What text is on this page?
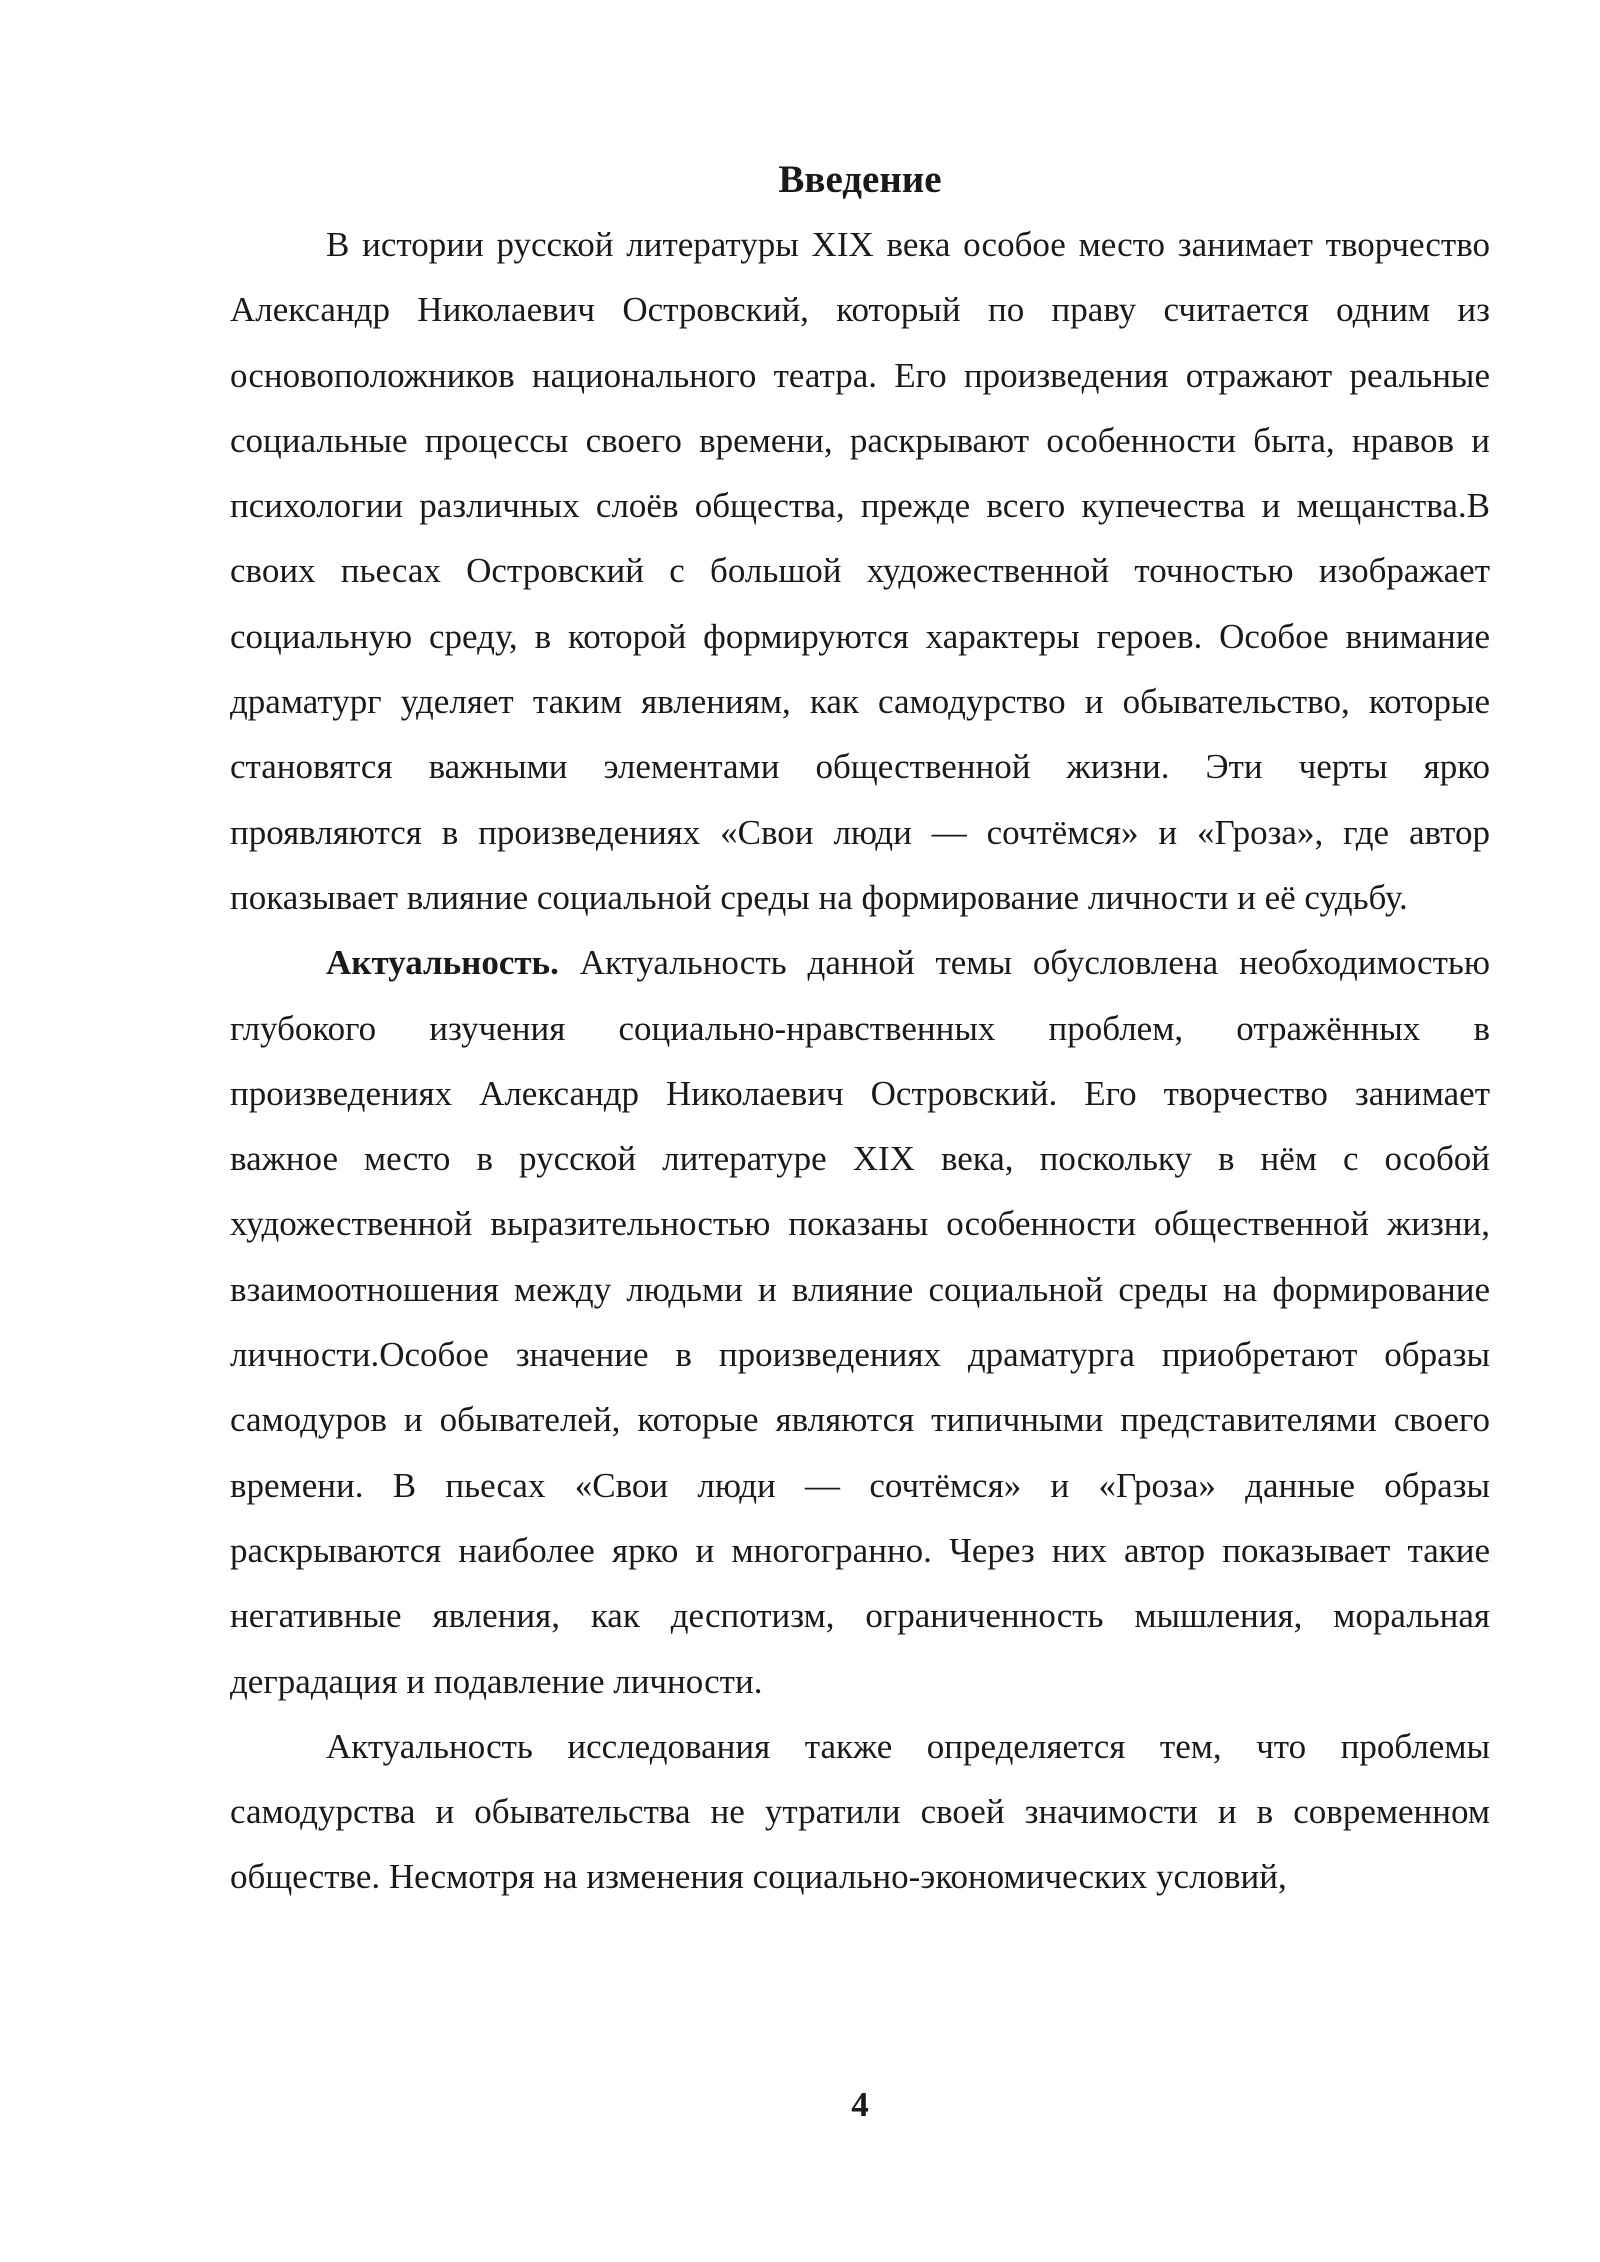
Введение

В истории русской литературы XIX века особое место занимает творчество Александр Николаевич Островский, который по праву считается одним из основоположников национального театра. Его произведения отражают реальные социальные процессы своего времени, раскрывают особенности быта, нравов и психологии различных слоёв общества, прежде всего купечества и мещанства.В своих пьесах Островский с большой художественной точностью изображает социальную среду, в которой формируются характеры героев. Особое внимание драматург уделяет таким явлениям, как самодурство и обывательство, которые становятся важными элементами общественной жизни. Эти черты ярко проявляются в произведениях «Свои люди — сочтёмся» и «Гроза», где автор показывает влияние социальной среды на формирование личности и её судьбу.

Актуальность. Актуальность данной темы обусловлена необходимостью глубокого изучения социально-нравственных проблем, отражённых в произведениях Александр Николаевич Островский. Его творчество занимает важное место в русской литературе XIX века, поскольку в нём с особой художественной выразительностью показаны особенности общественной жизни, взаимоотношения между людьми и влияние социальной среды на формирование личности.Особое значение в произведениях драматурга приобретают образы самодуров и обывателей, которые являются типичными представителями своего времени. В пьесах «Свои люди — сочтёмся» и «Гроза» данные образы раскрываются наиболее ярко и многогранно. Через них автор показывает такие негативные явления, как деспотизм, ограниченность мышления, моральная деградация и подавление личности.

Актуальность исследования также определяется тем, что проблемы самодурства и обывательства не утратили своей значимости и в современном обществе. Несмотря на изменения социально-экономических условий,

4
